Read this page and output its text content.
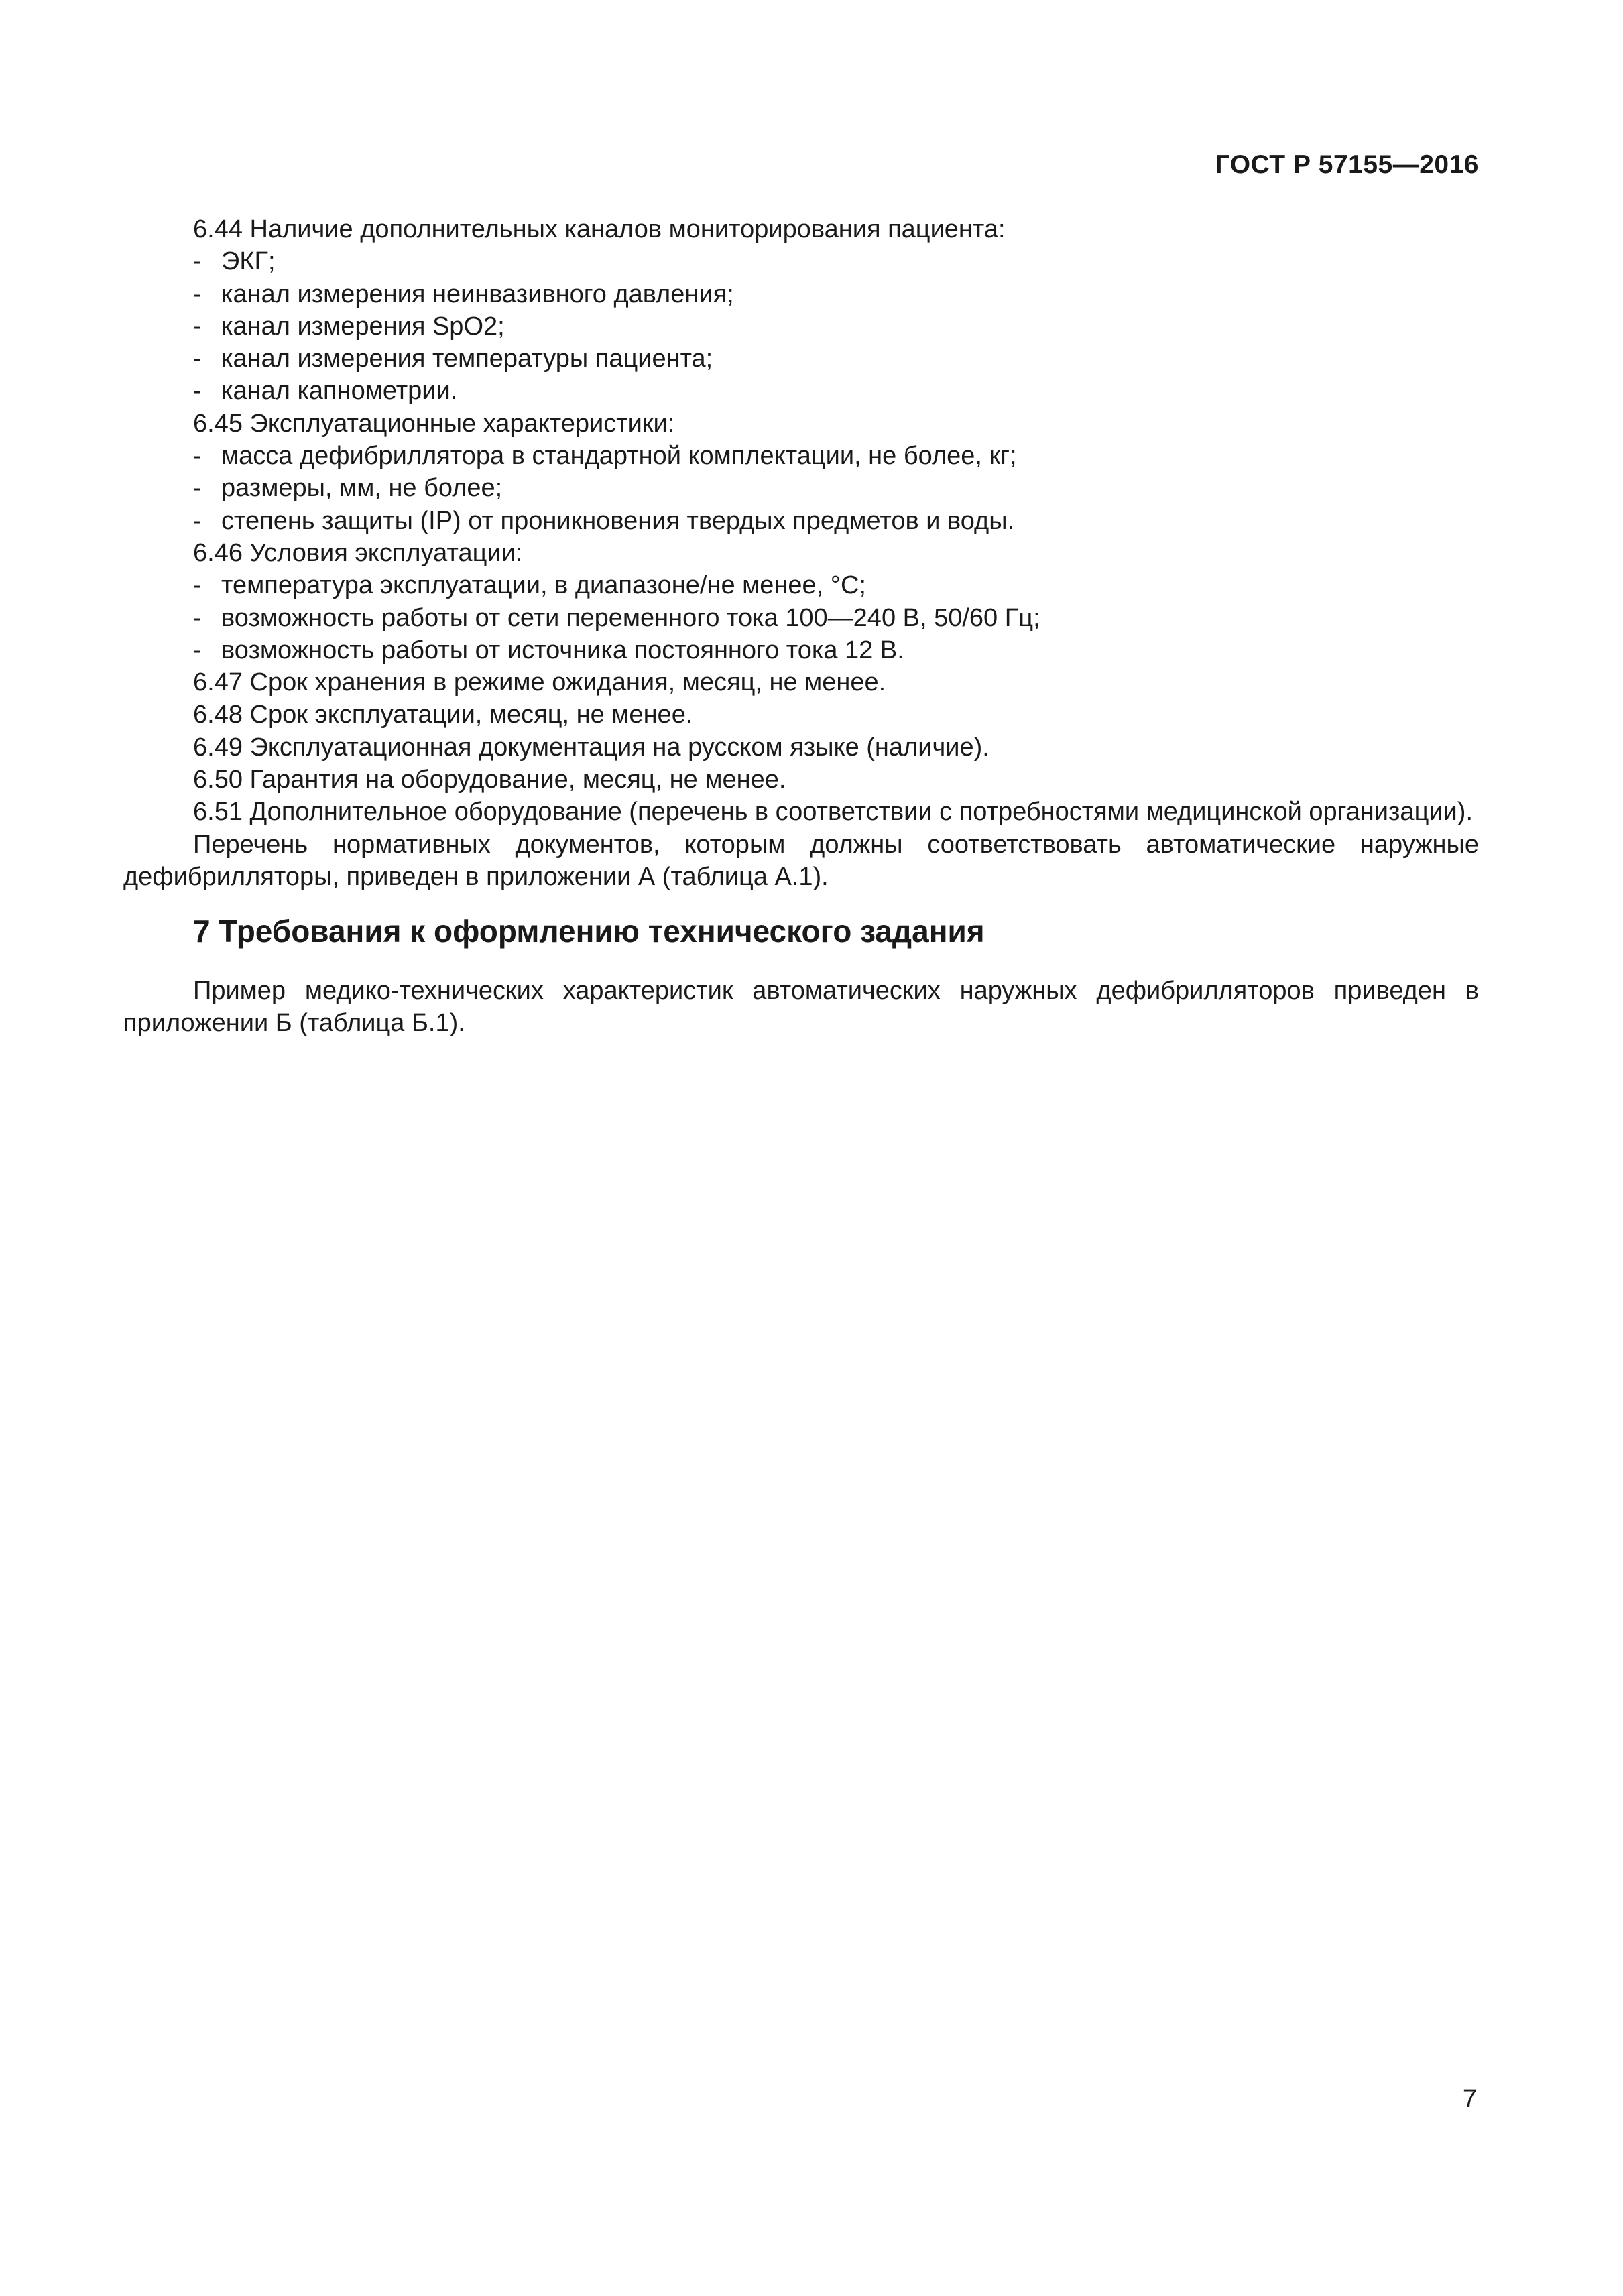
ГОСТ Р 57155—2016
6.44 Наличие дополнительных каналов мониторирования пациента:
- ЭКГ;
- канал измерения неинвазивного давления;
- канал измерения SpO2;
- канал измерения температуры пациента;
- канал капнометрии.
6.45 Эксплуатационные характеристики:
- масса дефибриллятора в стандартной комплектации, не более, кг;
- размеры, мм, не более;
- степень защиты (IP) от проникновения твердых предметов и воды.
6.46 Условия эксплуатации:
- температура эксплуатации, в диапазоне/не менее, °С;
- возможность работы от сети переменного тока 100—240 В, 50/60 Гц;
- возможность работы от источника постоянного тока 12 В.
6.47 Срок хранения в режиме ожидания, месяц, не менее.
6.48 Срок эксплуатации, месяц, не менее.
6.49 Эксплуатационная документация на русском языке (наличие).
6.50 Гарантия на оборудование, месяц, не менее.
6.51 Дополнительное оборудование (перечень в соответствии с потребностями медицинской организации).
Перечень нормативных документов, которым должны соответствовать автоматические наружные дефибрилляторы, приведен в приложении А (таблица А.1).
7 Требования к оформлению технического задания
Пример медико-технических характеристик автоматических наружных дефибрилляторов приведен в приложении Б (таблица Б.1).
7
